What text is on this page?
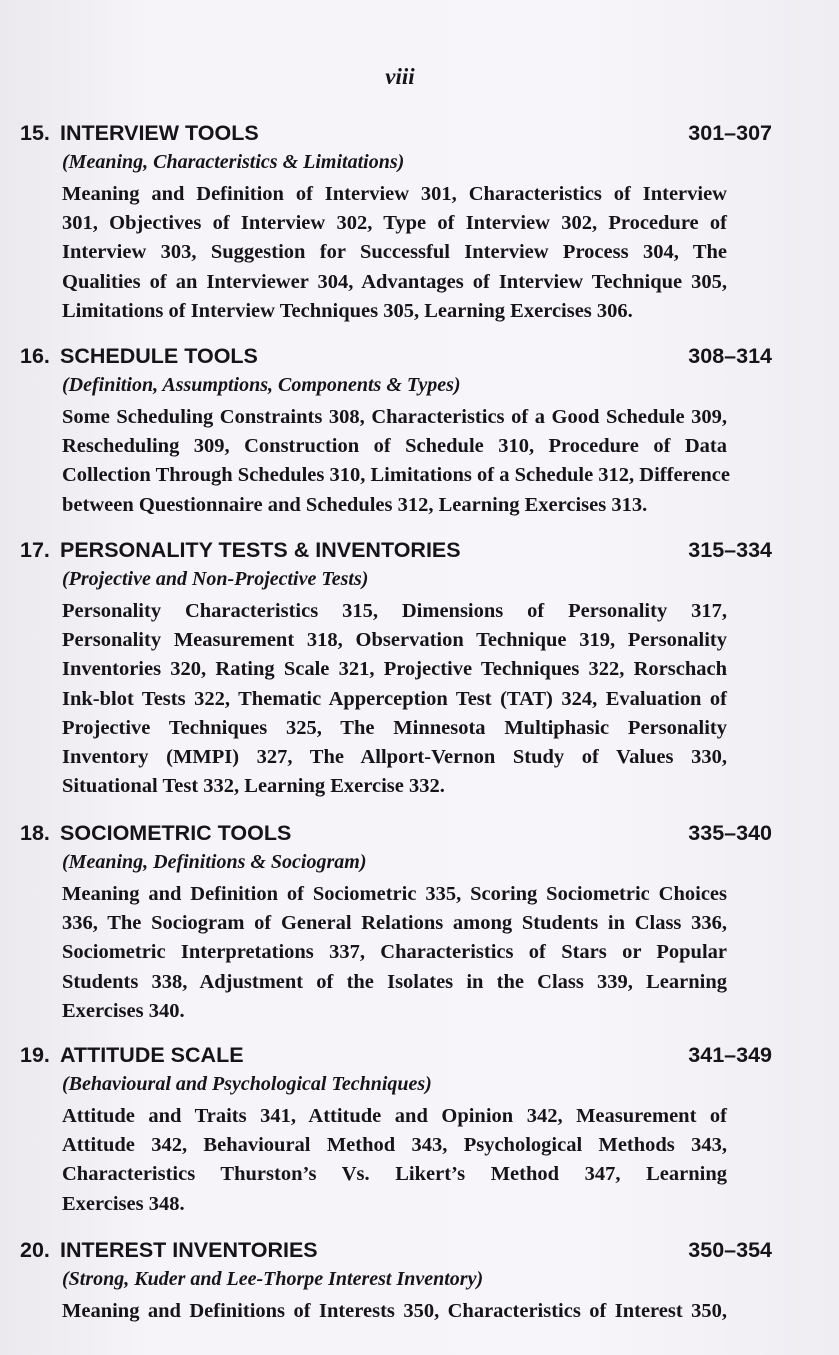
viii
15. INTERVIEW TOOLS	301–307
(Meaning, Characteristics & Limitations)
Meaning and Definition of Interview 301, Characteristics of Interview
301, Objectives of Interview 302, Type of Interview 302, Procedure of
Interview 303, Suggestion for Successful Interview Process 304, The
Qualities of an Interviewer 304, Advantages of Interview Technique 305,
Limitations of Interview Techniques 305, Learning Exercises 306.
16. SCHEDULE TOOLS	308–314
(Definition, Assumptions, Components & Types)
Some Scheduling Constraints 308, Characteristics of a Good Schedule 309,
Rescheduling 309, Construction of Schedule 310, Procedure of Data
Collection Through Schedules 310, Limitations of a Schedule 312, Difference
between Questionnaire and Schedules 312, Learning Exercises 313.
17. PERSONALITY TESTS & INVENTORIES	315–334
(Projective and Non-Projective Tests)
Personality Characteristics 315, Dimensions of Personality 317,
Personality Measurement 318, Observation Technique 319, Personality
Inventories 320, Rating Scale 321, Projective Techniques 322, Rorschach
Ink-blot Tests 322, Thematic Apperception Test (TAT) 324, Evaluation of
Projective Techniques 325, The Minnesota Multiphasic Personality
Inventory (MMPI) 327, The Allport-Vernon Study of Values 330,
Situational Test 332, Learning Exercise 332.
18. SOCIOMETRIC TOOLS	335–340
(Meaning, Definitions & Sociogram)
Meaning and Definition of Sociometric 335, Scoring Sociometric Choices
336, The Sociogram of General Relations among Students in Class 336,
Sociometric Interpretations 337, Characteristics of Stars or Popular
Students 338, Adjustment of the Isolates in the Class 339, Learning
Exercises 340.
19. ATTITUDE SCALE	341–349
(Behavioural and Psychological Techniques)
Attitude and Traits 341, Attitude and Opinion 342, Measurement of
Attitude 342, Behavioural Method 343, Psychological Methods 343,
Characteristics Thurston’s Vs. Likert’s Method 347, Learning
Exercises 348.
20. INTEREST INVENTORIES	350–354
(Strong, Kuder and Lee-Thorpe Interest Inventory)
Meaning and Definitions of Interests 350, Characteristics of Interest 350,
